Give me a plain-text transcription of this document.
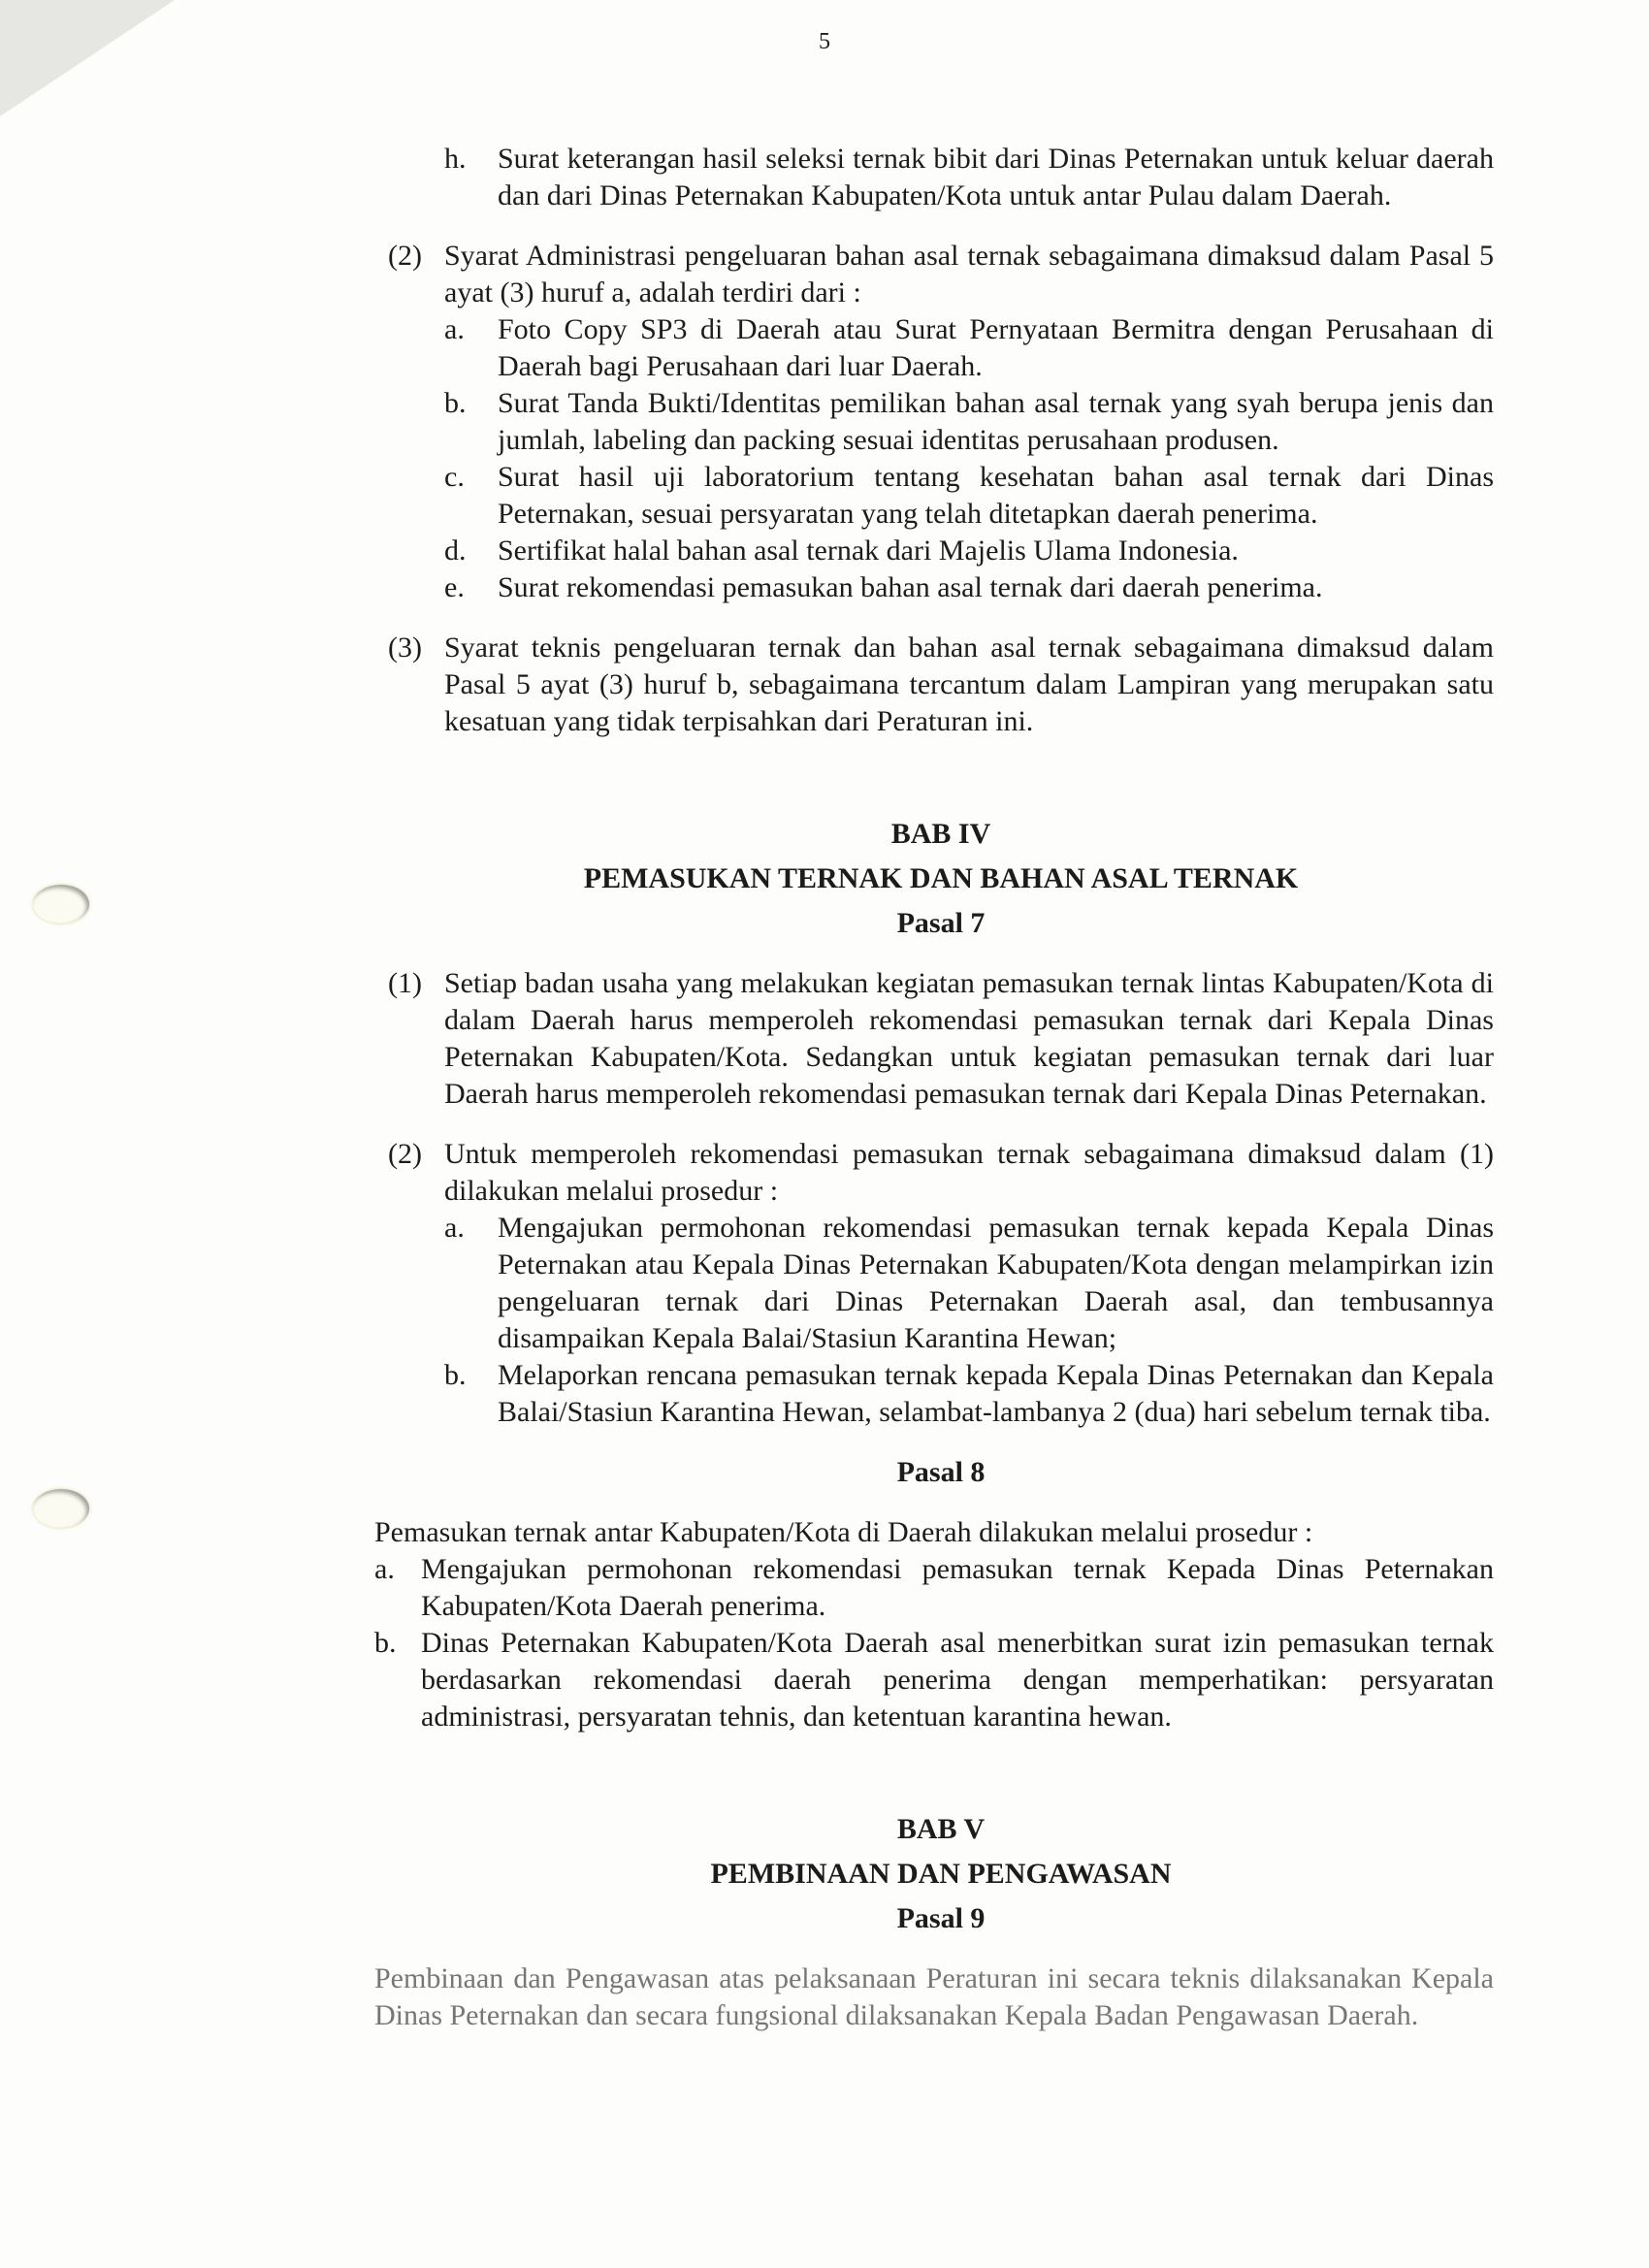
5
h.	Surat keterangan hasil seleksi ternak bibit dari Dinas Peternakan untuk keluar daerah dan dari Dinas Peternakan Kabupaten/Kota untuk antar Pulau dalam Daerah.
(2) Syarat Administrasi pengeluaran bahan asal ternak sebagaimana dimaksud dalam Pasal 5 ayat (3) huruf a, adalah terdiri dari :
a.	Foto Copy SP3 di Daerah atau Surat Pernyataan Bermitra dengan Perusahaan di Daerah bagi Perusahaan dari luar Daerah.
b.	Surat Tanda Bukti/Identitas pemilikan bahan asal ternak yang syah berupa jenis dan jumlah, labeling dan packing sesuai identitas perusahaan produsen.
c.	Surat hasil uji laboratorium tentang kesehatan bahan asal ternak dari Dinas Peternakan, sesuai persyaratan yang telah ditetapkan daerah penerima.
d.	Sertifikat halal bahan asal ternak dari Majelis Ulama Indonesia.
e.	Surat rekomendasi pemasukan bahan asal ternak dari daerah penerima.
(3) Syarat teknis pengeluaran ternak dan bahan asal ternak sebagaimana dimaksud dalam Pasal 5 ayat (3) huruf b, sebagaimana tercantum dalam Lampiran yang merupakan satu kesatuan yang tidak terpisahkan dari Peraturan ini.
BAB IV
PEMASUKAN TERNAK DAN BAHAN ASAL TERNAK
Pasal 7
(1) Setiap badan usaha yang melakukan kegiatan pemasukan ternak lintas Kabupaten/Kota di dalam Daerah harus memperoleh rekomendasi pemasukan ternak dari Kepala Dinas Peternakan Kabupaten/Kota. Sedangkan untuk kegiatan pemasukan ternak dari luar Daerah harus memperoleh rekomendasi pemasukan ternak dari Kepala Dinas Peternakan.
(2) Untuk memperoleh rekomendasi pemasukan ternak sebagaimana dimaksud dalam (1) dilakukan melalui prosedur :
a.	Mengajukan permohonan rekomendasi pemasukan ternak kepada Kepala Dinas Peternakan atau Kepala Dinas Peternakan Kabupaten/Kota dengan melampirkan izin pengeluaran ternak dari Dinas Peternakan Daerah asal, dan tembusannya disampaikan Kepala Balai/Stasiun Karantina Hewan;
b.	Melaporkan rencana pemasukan ternak kepada Kepala Dinas Peternakan dan Kepala Balai/Stasiun Karantina Hewan, selambat-lambanya 2 (dua) hari sebelum ternak tiba.
Pasal 8

Pemasukan ternak antar Kabupaten/Kota di Daerah dilakukan melalui prosedur :

a. Mengajukan permohonan rekomendasi pemasukan ternak Kepada Dinas Peternakan Kabupaten/Kota Daerah penerima.
b. Dinas Peternakan Kabupaten/Kota Daerah asal menerbitkan surat izin pemasukan ternak berdasarkan rekomendasi daerah penerima dengan memperhatikan: persyaratan administrasi, persyaratan tehnis, dan ketentuan karantina hewan.
BAB V
PEMBINAAN DAN PENGAWASAN
Pasal 9

Pembinaan dan Pengawasan atas pelaksanaan Peraturan ini secara teknis dilaksanakan Kepala Dinas Peternakan dan secara fungsional dilaksanakan Kepala Badan Pengawasan Daerah.
